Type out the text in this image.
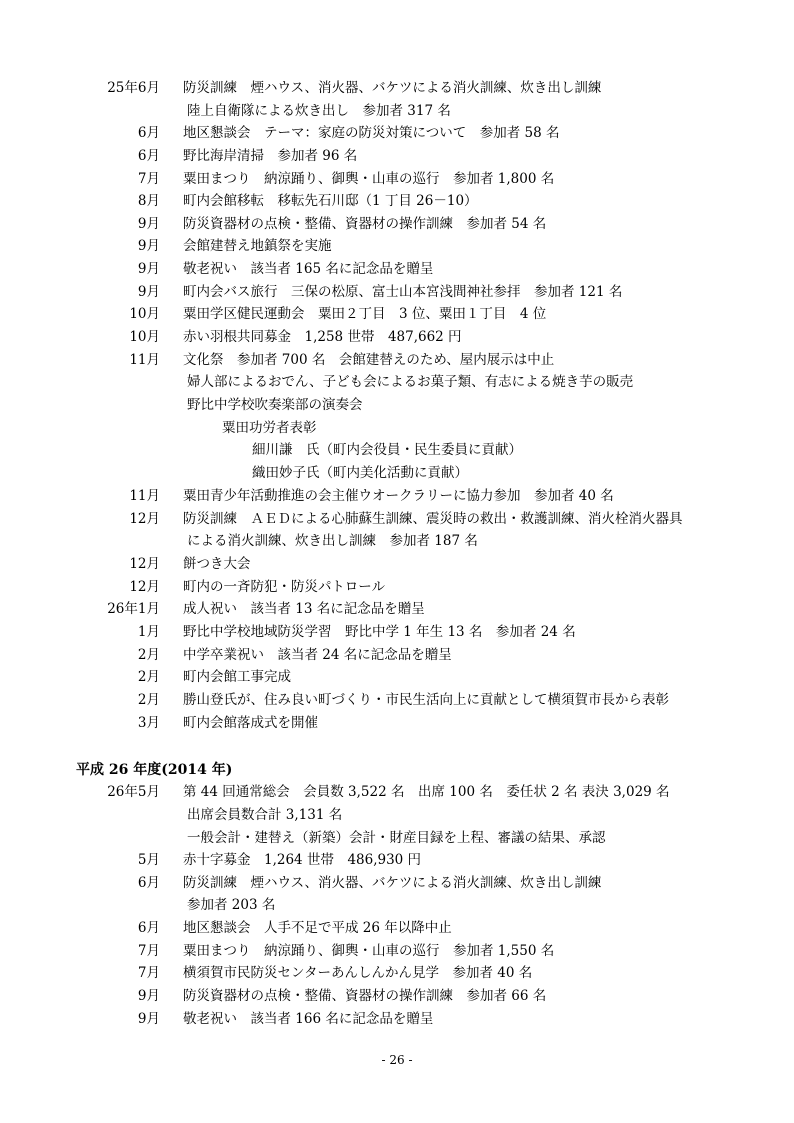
25年6月 防災訓練　煙ハウス、消火器、バケツによる消火訓練、炊き出し訓練
陸上自衛隊による炊き出し　参加者 317 名
6月 地区懇談会　テーマ：家庭の防災対策について　参加者 58 名
6月 野比海岸清掃　参加者 96 名
7月 粟田まつり　納涼踊り、御輿・山車の巡行　参加者 1,800 名
8月 町内会館移転　移転先石川邸（1 丁目 26－10）
9月 防災資器材の点検・整備、資器材の操作訓練　参加者 54 名
9月 会館建替え地鎮祭を実施
9月 敬老祝い　該当者 165 名に記念品を贈呈
9月 町内会バス旅行　三保の松原、富士山本宮浅間神社参拝　参加者 121 名
10月 粟田学区健民運動会　粟田２丁目　3 位、粟田１丁目　4 位
10月 赤い羽根共同募金　1,258 世帯　487,662 円
11月 文化祭　参加者 700 名　会館建替えのため、屋内展示は中止
婦人部によるおでん、子ども会によるお菓子類、有志による焼き芋の販売
野比中学校吹奏楽部の演奏会
粟田功労者表彰
細川謙　氏（町内会役員・民生委員に貢献）
織田妙子氏（町内美化活動に貢献）
11月 粟田青少年活動推進の会主催ウオークラリーに協力参加　参加者 40 名
12月 防災訓練　ＡＥＤによる心肺蘇生訓練、震災時の救出・救護訓練、消火栓消火器具
による消火訓練、炊き出し訓練　参加者 187 名
12月 餅つき大会
12月 町内の一斉防犯・防災パトロール
26年1月 成人祝い　該当者 13 名に記念品を贈呈
1月 野比中学校地域防災学習　野比中学 1 年生 13 名　参加者 24 名
2月 中学卒業祝い　該当者 24 名に記念品を贈呈
2月 町内会館工事完成
2月 勝山登氏が、住み良い町づくり・市民生活向上に貢献として横須賀市長から表彰
3月 町内会館落成式を開催
平成 26 年度(2014 年)
26年5月 第 44 回通常総会　会員数 3,522 名　出席 100 名　委任状 2 名 表決 3,029 名
出席会員数合計 3,131 名
一般会計・建替え（新築）会計・財産目録を上程、審議の結果、承認
5月 赤十字募金　1,264 世帯　486,930 円
6月 防災訓練　煙ハウス、消火器、バケツによる消火訓練、炊き出し訓練
参加者 203 名
6月 地区懇談会　人手不足で平成 26 年以降中止
7月 粟田まつり　納涼踊り、御輿・山車の巡行　参加者 1,550 名
7月 横須賀市民防災センターあんしんかん見学　参加者 40 名
9月 防災資器材の点検・整備、資器材の操作訓練　参加者 66 名
9月 敬老祝い　該当者 166 名に記念品を贈呈
- 26 -
